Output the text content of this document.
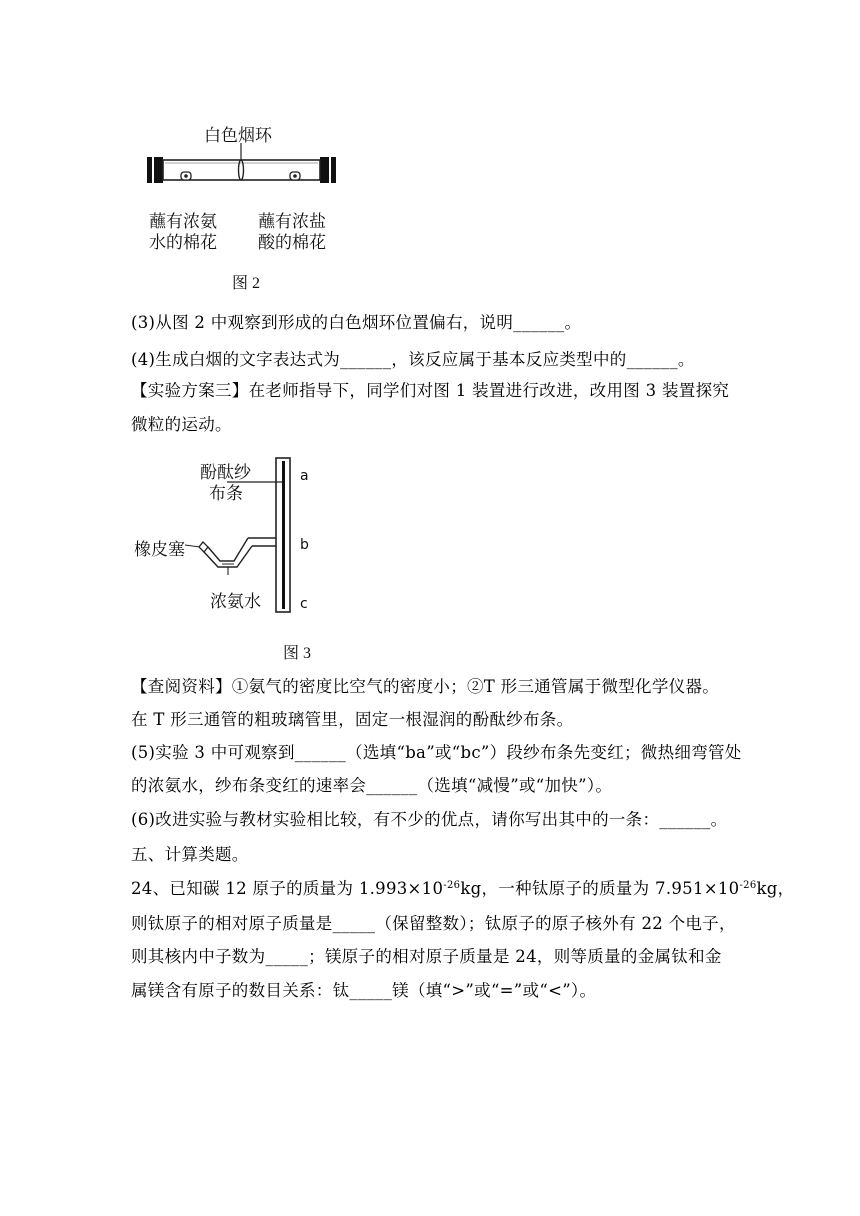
白色烟环
蘸有浓氨
水的棉花
蘸有浓盐
酸的棉花
图 2
(3)从图 2 中观察到形成的白色烟环位置偏右，说明______。
(4)生成白烟的文字表达式为______，该反应属于基本反应类型中的______。
【实验方案三】在老师指导下，同学们对图 1 装置进行改进，改用图 3 装置探究
微粒的运动。
酚酞纱
布条
橡皮塞
浓氨水
a
b
c
图 3
【查阅资料】①氨气的密度比空气的密度小；②T 形三通管属于微型化学仪器。
在 T 形三通管的粗玻璃管里，固定一根湿润的酚酞纱布条。
(5)实验 3 中可观察到______（选填“ba”或“bc”）段纱布条先变红；微热细弯管处
的浓氨水，纱布条变红的速率会______（选填“减慢”或“加快”）。
(6)改进实验与教材实验相比较，有不少的优点，请你写出其中的一条：______。
五、计算类题。
24、已知碳 12 原子的质量为 $1.993\times 10^{-26}kg$，一种钛原子的质量为 $7.951\times 10^{-26}kg$，
则钛原子的相对原子质量是_____（保留整数）；钛原子的原子核外有 22 个电子，
则其核内中子数为_____；镁原子的相对原子质量是 24，则等质量的金属钛和金
属镁含有原子的数目关系：钛_____镁（填“>”或“=”或“<”）。
